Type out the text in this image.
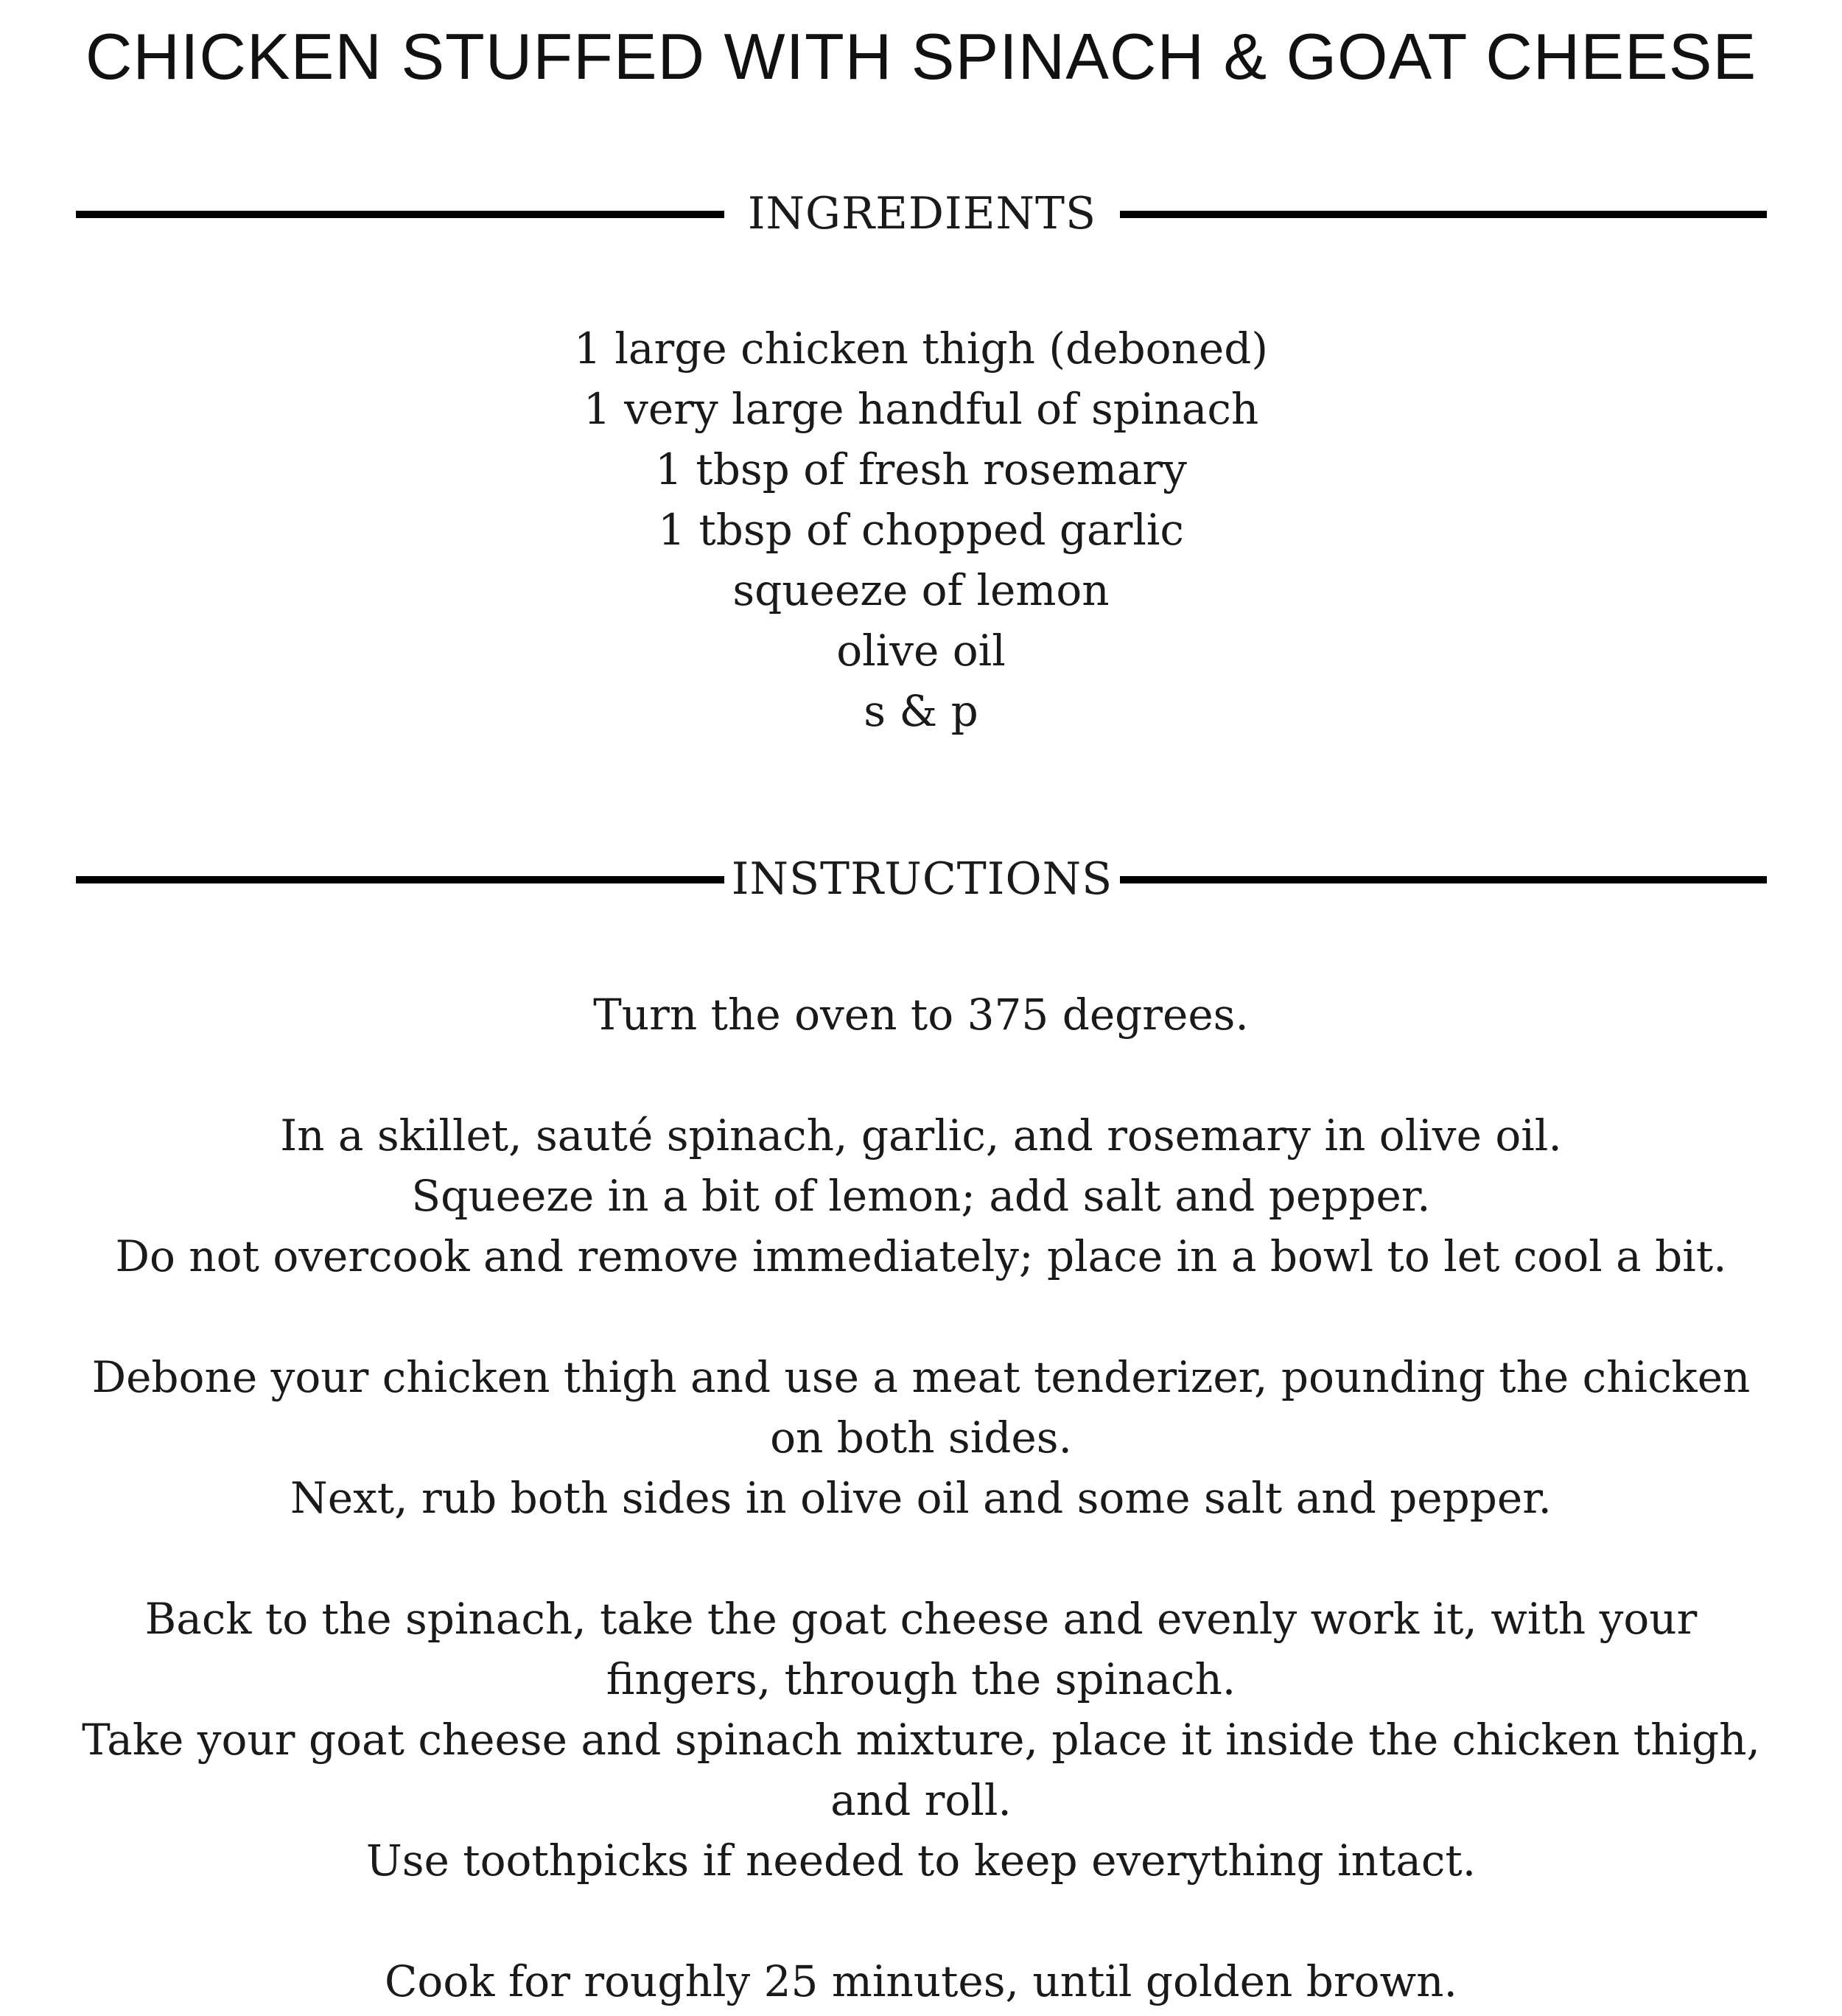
CHICKEN STUFFED WITH SPINACH & GOAT CHEESE
INGREDIENTS
1 large chicken thigh (deboned)
1 very large handful of spinach
1 tbsp of fresh rosemary
1 tbsp of chopped garlic
squeeze of lemon
olive oil
s & p
INSTRUCTIONS

Turn the oven to 375 degrees.

In a skillet, sauté spinach, garlic, and rosemary in olive oil.
Squeeze in a bit of lemon; add salt and pepper.
Do not overcook and remove immediately; place in a bowl to let cool a bit.

Debone your chicken thigh and use a meat tenderizer, pounding the chicken on both sides.
Next, rub both sides in olive oil and some salt and pepper.

Back to the spinach, take the goat cheese and evenly work it, with your fingers, through the spinach.
Take your goat cheese and spinach mixture, place it inside the chicken thigh, and roll.
Use toothpicks if needed to keep everything intact.

Cook for roughly 25 minutes, until golden brown.
